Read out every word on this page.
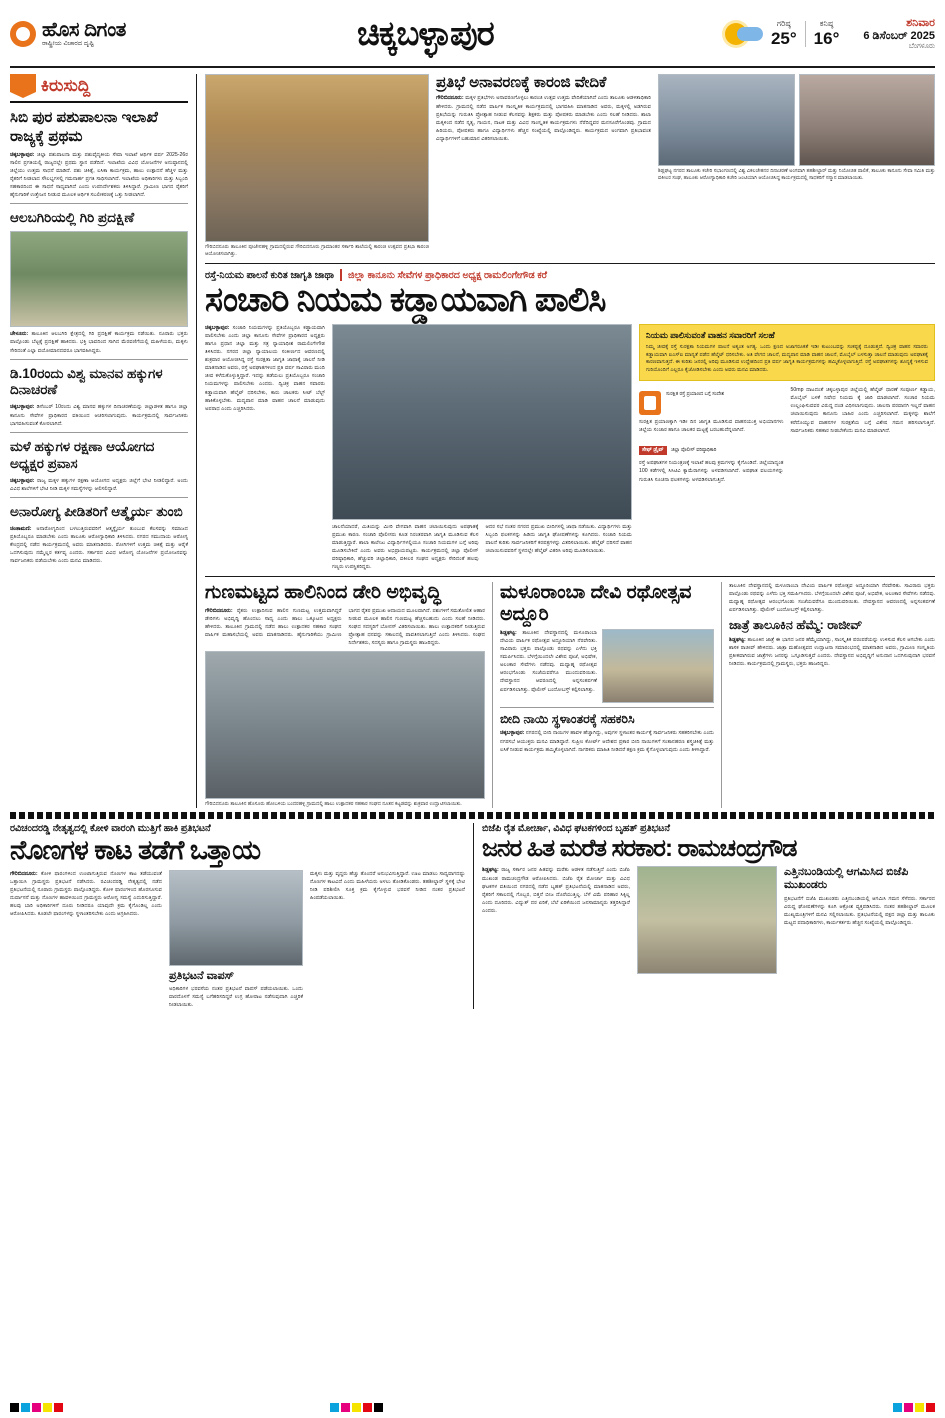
ಹೊಸ ದಿಗಂತ
ರಾಷ್ಟ್ರೀಯ ವಿಚಾರದ ದೃಷ್ಟಿ	ಚಿಕ್ಕಬಳ್ಳಾಪುರ	ಗರಿಷ್ಠ
25°
ಕನಿಷ್ಠ
16°
ಶನಿವಾರ
6 ಡಿಸೆಂಬರ್ 2025
ಬೆಂಗಳೂರು
ಕಿರುಸುದ್ದಿ
ಸಿಬಿ ಪುರ ಪಶುಪಾಲನಾ ಇಲಾಖೆ ರಾಜ್ಯಕ್ಕೆ ಪ್ರಥಮ
ಚಿಕ್ಕಬಳ್ಳಾಪುರ: ಜಿಲ್ಲಾ ಪಶುಪಾಲನಾ ಮತ್ತು ಪಶುವೈದ್ಯಕೀಯ ಸೇವಾ ಇಲಾಖೆ ಆರ್ಥಿಕ ವರ್ಷ 2025-26ರ ಸಾಲಿನ ಪ್ರಗತಿಯಲ್ಲಿ ರಾಜ್ಯದಲ್ಲೇ ಪ್ರಥಮ ಸ್ಥಾನ ಪಡೆದಿದೆ. ಇಲಾಖೆಯ ವಿವಿಧ ಯೋಜನೆಗಳ ಅನುಷ್ಠಾನದಲ್ಲಿ ಜಿಲ್ಲೆಯು ಉತ್ತಮ ಸಾಧನೆ ಮಾಡಿದೆ. ಪಶು ಚಿಕಿತ್ಸೆ, ಲಸಿಕಾ ಕಾರ್ಯಕ್ರಮ, ಹಾಲು ಉತ್ಪಾದನೆ ಹೆಚ್ಚಳ ಮತ್ತು ರೈತರಿಗೆ ನೀಡಲಾದ ಸೌಲಭ್ಯಗಳಲ್ಲಿ ಗಮನಾರ್ಹ ಪ್ರಗತಿ ಸಾಧಿಸಲಾಗಿದೆ. ಇಲಾಖೆಯ ಅಧಿಕಾರಿಗಳು ಮತ್ತು ಸಿಬ್ಬಂದಿ ಸಹಕಾರದಿಂದ ಈ ಸಾಧನೆ ಸಾಧ್ಯವಾಗಿದೆ ಎಂದು ಉಪನಿರ್ದೇಶಕರು ತಿಳಿಸಿದ್ದಾರೆ. ಗ್ರಾಮೀಣ ಭಾಗದ ರೈತರಿಗೆ ಹೈನುಗಾರಿಕೆ ಉತ್ತೇಜನ ನೀಡುವ ಮೂಲಕ ಆರ್ಥಿಕ ಸಬಲೀಕರಣಕ್ಕೆ ಒತ್ತು ನೀಡಲಾಗಿದೆ.
ಆಲಬಗಿರಿಯಲ್ಲಿ ಗಿರಿ ಪ್ರದಕ್ಷಿಣೆ
ಚೇಳೂರು: ತಾಲೂಕಿನ ಆಲಬಗಿರಿ ಕ್ಷೇತ್ರದಲ್ಲಿ ಗಿರಿ ಪ್ರದಕ್ಷಿಣೆ ಕಾರ್ಯಕ್ರಮ ನಡೆಯಿತು. ನೂರಾರು ಭಕ್ತರು ಪಾಲ್ಗೊಂಡು ಬೆಟ್ಟಕ್ಕೆ ಪ್ರದಕ್ಷಿಣೆ ಹಾಕಿದರು. ಭಕ್ತಿ ಭಾವದಿಂದ ಸಾಗಿದ ಮೆರವಣಿಗೆಯಲ್ಲಿ ಮಹಿಳೆಯರು, ಮಕ್ಕಳು ಸೇರಿದಂತೆ ಎಲ್ಲಾ ವಯೋಮಾನದವರೂ ಭಾಗವಹಿಸಿದ್ದರು.
ಡಿ.10ರಂದು ವಿಶ್ವ ಮಾನವ ಹಕ್ಕುಗಳ ದಿನಾಚರಣೆ
ಚಿಕ್ಕಬಳ್ಳಾಪುರ: ಡಿಸೆಂಬರ್ 10ರಂದು ವಿಶ್ವ ಮಾನವ ಹಕ್ಕುಗಳ ದಿನಾಚರಣೆಯನ್ನು ಜಿಲ್ಲಾಡಳಿತ ಹಾಗೂ ಜಿಲ್ಲಾ ಕಾನೂನು ಸೇವೆಗಳ ಪ್ರಾಧಿಕಾರದ ವತಿಯಿಂದ ಆಚರಿಸಲಾಗುವುದು. ಕಾರ್ಯಕ್ರಮದಲ್ಲಿ ಸಾರ್ವಜನಿಕರು ಭಾಗವಹಿಸುವಂತೆ ಕೋರಲಾಗಿದೆ.
ಮಳೆ ಹಕ್ಕುಗಳ ರಕ್ಷಣಾ ಆಯೋಗದ ಅಧ್ಯಕ್ಷರ ಪ್ರವಾಸ
ಚಿಕ್ಕಬಳ್ಳಾಪುರ: ರಾಜ್ಯ ಮಕ್ಕಳ ಹಕ್ಕುಗಳ ರಕ್ಷಣಾ ಆಯೋಗದ ಅಧ್ಯಕ್ಷರು ಜಿಲ್ಲೆಗೆ ಭೇಟಿ ನೀಡಲಿದ್ದಾರೆ. ಅಂದು ವಿವಿಧ ಶಾಲೆಗಳಿಗೆ ಭೇಟಿ ನೀಡಿ ಮಕ್ಕಳ ಸಮಸ್ಯೆಗಳನ್ನು ಆಲಿಸಲಿದ್ದಾರೆ.
ಅನಾರೋಗ್ಯ ಪೀಡಿತರಿಗೆ ಆತ್ಮೈರ್ಯ ತುಂಬಿ
ಚಿಂತಾಮಣಿ: ಅನಾರೋಗ್ಯದಿಂದ ಬಳಲುತ್ತಿರುವವರಿಗೆ ಆತ್ಮಸ್ಥೈರ್ಯ ತುಂಬುವ ಕೆಲಸವನ್ನು ಸಮಾಜದ ಪ್ರತಿಯೊಬ್ಬರೂ ಮಾಡಬೇಕು ಎಂದು ತಾಲೂಕು ಆರೋಗ್ಯಾಧಿಕಾರಿ ತಿಳಿಸಿದರು. ನಗರದ ಸಮುದಾಯ ಆರೋಗ್ಯ ಕೇಂದ್ರದಲ್ಲಿ ನಡೆದ ಕಾರ್ಯಕ್ರಮದಲ್ಲಿ ಅವರು ಮಾತನಾಡಿದರು. ರೋಗಿಗಳಿಗೆ ಉತ್ತಮ ಚಿಕಿತ್ಸೆ ಮತ್ತು ಆರೈಕೆ ಒದಗಿಸುವುದು ನಮ್ಮೆಲ್ಲರ ಕರ್ತವ್ಯ ಎಂದರು. ಸರ್ಕಾರದ ವಿವಿಧ ಆರೋಗ್ಯ ಯೋಜನೆಗಳ ಪ್ರಯೋಜನವನ್ನು ಸಾರ್ವಜನಿಕರು ಪಡೆಯಬೇಕು ಎಂದು ಮನವಿ ಮಾಡಿದರು.
ಗೌರಿಬಿದನೂರು ತಾಲೂಕಿನ ಪೂಜೇನಹಳ್ಳಿ ಗ್ರಾಮದಲ್ಲಿರುವ ಗೌರಿಬಿದನೂರು ಗ್ರಾಮಾಂತರ ಸರ್ಕಾರಿ ಶಾಲೆಯಲ್ಲಿ ಕಾರಂಜಿ ಉತ್ಸವದ ಪ್ರತಿಭಾ ಕಾರಂಜಿ ಆಯೋಜಿಸಲಾಗಿತ್ತು.
ಪ್ರತಿಭೆ ಅನಾವರಣಕ್ಕೆ ಕಾರಂಜಿ ವೇದಿಕೆ
ಗೌರಿಬಿದನೂರು: ಮಕ್ಕಳ ಪ್ರತಿಭೆಗಳು ಅನಾವರಣಗೊಳ್ಳಲು ಕಾರಂಜಿ ಉತ್ಸವ ಉತ್ತಮ ವೇದಿಕೆಯಾಗಿದೆ ಎಂದು ತಾಲೂಕು ಆಡಳಿತಾಧಿಕಾರಿ ಹೇಳಿದರು. ಗ್ರಾಮದಲ್ಲಿ ನಡೆದ ವಾರ್ಷಿಕ ಸಾಂಸ್ಕೃತಿಕ ಕಾರ್ಯಕ್ರಮದಲ್ಲಿ ಭಾಗವಹಿಸಿ ಮಾತನಾಡಿದ ಅವರು, ಮಕ್ಕಳಲ್ಲಿ ಅಡಗಿರುವ ಪ್ರತಿಭೆಯನ್ನು ಗುರುತಿಸಿ ಪ್ರೋತ್ಸಾಹ ನೀಡುವ ಕೆಲಸವನ್ನು ಶಿಕ್ಷಕರು ಮತ್ತು ಪೋಷಕರು ಮಾಡಬೇಕು ಎಂದು ಸಲಹೆ ನೀಡಿದರು. ಶಾಲಾ ಮಕ್ಕಳಿಂದ ನಡೆದ ನೃತ್ಯ, ಗಾಯನ, ನಾಟಕ ಮತ್ತು ವಿವಿಧ ಸಾಂಸ್ಕೃತಿಕ ಕಾರ್ಯಕ್ರಮಗಳು ನೆರೆದಿದ್ದವರ ಮನಸೂರೆಗೊಂಡವು. ಗ್ರಾಮದ ಹಿರಿಯರು, ಪೋಷಕರು ಹಾಗೂ ವಿದ್ಯಾರ್ಥಿಗಳು ಹೆಚ್ಚಿನ ಸಂಖ್ಯೆಯಲ್ಲಿ ಪಾಲ್ಗೊಂಡಿದ್ದರು. ಕಾರ್ಯಕ್ರಮದ ಅಂಗವಾಗಿ ಪ್ರತಿಭಾವಂತ ವಿದ್ಯಾರ್ಥಿಗಳಿಗೆ ಬಹುಮಾನ ವಿತರಿಸಲಾಯಿತು.
ಶಿಡ್ಲಘಟ್ಟ ನಗರದ ತಾಲೂಕು ಕಚೇರಿ ಸಭಾಂಗಣದಲ್ಲಿ ವಿಶ್ವ ವಿಕಲಚೇತನರ ದಿನಾಚರಣೆ ಅಂಗವಾಗಿ ತಹಶೀಲ್ದಾರ್ ಮತ್ತು ನಿಯೋಜಿತ ಪಾಲಿಕೆ, ತಾಲೂಕು ಕಾನೂನು ಸೇವಾ ಸಮಿತಿ ಮತ್ತು ವಕೀಲರ ಸಂಘ, ತಾಲೂಕು ಆರೋಗ್ಯಾಧಿಕಾರಿ ಕಚೇರಿ ಜಂಟಿಯಾಗಿ ಆಯೋಜಿಸಿದ್ದ ಕಾರ್ಯಕ್ರಮದಲ್ಲಿ ಸಾಧಕರಿಗೆ ಸನ್ಮಾನ ಮಾಡಲಾಯಿತು.
ರಸ್ತೆ-ನಿಯಮ ಪಾಲನೆ ಕುರಿತ ಜಾಗೃತಿ ಜಾಥಾ ಜಿಲ್ಲಾ ಕಾನೂನು ಸೇವೆಗಳ ಪ್ರಾಧಿಕಾರದ ಅಧ್ಯಕ್ಷ ರಾಮಲಿಂಗೇಗೌಡ ಕರೆ
ಸಂಚಾರಿ ನಿಯಮ ಕಡ್ಡಾಯವಾಗಿ ಪಾಲಿಸಿ
ಚಿಕ್ಕಬಳ್ಳಾಪುರ: ಸಂಚಾರಿ ನಿಯಮಗಳನ್ನು ಪ್ರತಿಯೊಬ್ಬರೂ ಕಡ್ಡಾಯವಾಗಿ ಪಾಲಿಸಬೇಕು ಎಂದು ಜಿಲ್ಲಾ ಕಾನೂನು ಸೇವೆಗಳ ಪ್ರಾಧಿಕಾರದ ಅಧ್ಯಕ್ಷರು ಹಾಗೂ ಪ್ರಧಾನ ಜಿಲ್ಲಾ ಮತ್ತು ಸತ್ರ ನ್ಯಾಯಾಧೀಶ ರಾಮಲಿಂಗೇಗೌಡ ತಿಳಿಸಿದರು. ನಗರದ ಜಿಲ್ಲಾ ನ್ಯಾಯಾಲಯ ಸಂಕೀರ್ಣದ ಆವರಣದಲ್ಲಿ ಶುಕ್ರವಾರ ಆಯೋಜಿಸಿದ್ದ ರಸ್ತೆ ಸುರಕ್ಷತಾ ಜಾಗೃತಿ ಜಾಥಾಕ್ಕೆ ಚಾಲನೆ ನೀಡಿ ಮಾತನಾಡಿದ ಅವರು, ರಸ್ತೆ ಅಪಘಾತಗಳಿಂದ ಪ್ರತಿ ವರ್ಷ ಸಾವಿರಾರು ಮಂದಿ ಜೀವ ಕಳೆದುಕೊಳ್ಳುತ್ತಿದ್ದಾರೆ. ಇದನ್ನು ತಡೆಯಲು ಪ್ರತಿಯೊಬ್ಬರೂ ಸಂಚಾರಿ ನಿಯಮಗಳನ್ನು ಪಾಲಿಸಬೇಕು ಎಂದರು. ದ್ವಿಚಕ್ರ ವಾಹನ ಸವಾರರು ಕಡ್ಡಾಯವಾಗಿ ಹೆಲ್ಮೆಟ್ ಧರಿಸಬೇಕು, ಕಾರು ಚಾಲಕರು ಸೀಟ್ ಬೆಲ್ಟ್ ಹಾಕಿಕೊಳ್ಳಬೇಕು. ಮದ್ಯಪಾನ ಮಾಡಿ ವಾಹನ ಚಾಲನೆ ಮಾಡುವುದು ಅಪರಾಧ ಎಂದು ಎಚ್ಚರಿಸಿದರು.
ಚಾಲನೆಯಾದರೆ, ಮಿತಿಯನ್ನು ಮೀರಿ ವೇಗವಾಗಿ ವಾಹನ ಚಲಾಯಿಸುವುದು ಅಪಘಾತಕ್ಕೆ ಪ್ರಮುಖ ಕಾರಣ. ಸಂಚಾರಿ ಪೊಲೀಸರು ಕೂಡ ನಿರಂತರವಾಗಿ ಜಾಗೃತಿ ಮೂಡಿಸುವ ಕೆಲಸ ಮಾಡುತ್ತಿದ್ದಾರೆ. ಶಾಲಾ ಕಾಲೇಜು ವಿದ್ಯಾರ್ಥಿಗಳಲ್ಲಿಯೂ ಸಂಚಾರಿ ನಿಯಮಗಳ ಬಗ್ಗೆ ಅರಿವು ಮೂಡಿಸಬೇಕಿದೆ ಎಂದು ಅವರು ಅಭಿಪ್ರಾಯಪಟ್ಟರು. ಕಾರ್ಯಕ್ರಮದಲ್ಲಿ ಜಿಲ್ಲಾ ಪೊಲೀಸ್ ವರಿಷ್ಠಾಧಿಕಾರಿ, ಹೆಚ್ಚುವರಿ ಜಿಲ್ಲಾಧಿಕಾರಿ, ವಕೀಲರ ಸಂಘದ ಅಧ್ಯಕ್ಷರು ಸೇರಿದಂತೆ ಹಲವು ಗಣ್ಯರು ಉಪಸ್ಥಿತರಿದ್ದರು.
ಆದರ ಸಭೆ ನಂತರ ನಗರದ ಪ್ರಮುಖ ಬೀದಿಗಳಲ್ಲಿ ಜಾಥಾ ನಡೆಯಿತು. ವಿದ್ಯಾರ್ಥಿಗಳು ಮತ್ತು ಸಿಬ್ಬಂದಿ ಫಲಕಗಳನ್ನು ಹಿಡಿದು ಜಾಗೃತಿ ಘೋಷಣೆಗಳನ್ನು ಕೂಗಿದರು. ಸಂಚಾರಿ ನಿಯಮ ಪಾಲನೆ ಕುರಿತು ಸಾರ್ವಜನಿಕರಿಗೆ ಕರಪತ್ರಗಳನ್ನು ವಿತರಿಸಲಾಯಿತು. ಹೆಲ್ಮೆಟ್ ಧರಿಸದೆ ವಾಹನ ಚಲಾಯಿಸುವವರಿಗೆ ಸ್ಥಳದಲ್ಲೇ ಹೆಲ್ಮೆಟ್ ವಿತರಿಸಿ ಅರಿವು ಮೂಡಿಸಲಾಯಿತು.
ನಿಯಮ ಪಾಲಿಸುವಂತೆ ವಾಹನ ಸವಾರರಿಗೆ ಸಲಹೆ
ನಿಮ್ಮ ಜೀವಕ್ಕೆ ರಸ್ತೆ ಸುರಕ್ಷತಾ ನಿಯಮಗಳ ಪಾಲನೆ ಅತ್ಯಂತ ಅಗತ್ಯ. ಒಂದು ಕ್ಷಣದ ಅಜಾಗರೂಕತೆ ಇಡೀ ಕುಟುಂಬವನ್ನು ಸಂಕಷ್ಟಕ್ಕೆ ದೂಡುತ್ತದೆ. ದ್ವಿಚಕ್ರ ವಾಹನ ಸವಾರರು ಕಡ್ಡಾಯವಾಗಿ ಐಎಸ್‌ಐ ಮಾನ್ಯತೆ ಪಡೆದ ಹೆಲ್ಮೆಟ್ ಧರಿಸಬೇಕು. ಅತಿ ವೇಗದ ಚಾಲನೆ, ಮದ್ಯಪಾನ ಮಾಡಿ ವಾಹನ ಚಾಲನೆ, ಮೊಬೈಲ್ ಬಳಸುತ್ತಾ ಚಾಲನೆ ಮಾಡುವುದು ಅಪಘಾತಕ್ಕೆ ಕಾರಣವಾಗುತ್ತದೆ. ಈ ಕುರಿತು ಜನರಲ್ಲಿ ಅರಿವು ಮೂಡಿಸುವ ಉದ್ದೇಶದಿಂದ ಪ್ರತಿ ವರ್ಷ ಜಾಗೃತಿ ಕಾರ್ಯಕ್ರಮಗಳನ್ನು ಹಮ್ಮಿಕೊಳ್ಳಲಾಗುತ್ತಿದೆ. ರಸ್ತೆ ಅಪಘಾತಗಳನ್ನು ಶೂನ್ಯಕ್ಕೆ ಇಳಿಸುವ ಗುರಿಯೊಂದಿಗೆ ಎಲ್ಲರೂ ಕೈಜೋಡಿಸಬೇಕು ಎಂದು ಅವರು ಮನವಿ ಮಾಡಿದರು.
ಸುರಕ್ಷಿತ ರಸ್ತೆ ಪ್ರಯಾಣದ ಬಗ್ಗೆ ಸಂದೇಶ
ಸುರಕ್ಷಿತ ಪ್ರಯಾಣಕ್ಕಾಗಿ ಇಡೀ ದಿನ ಜಾಗೃತಿ ಮೂಡಿಸುವ ವಾಹನಯುಕ್ತ ಅಭಿಯಾನಗಳು ಜಿಲ್ಲೆಯ ಸಂಚಾರ ಹಾಗೂ ಚಾಲಕರ ಮಟ್ಟಕ್ಕೆ ಬರಬಹುದೆನ್ನಲಾಗಿದೆ.
ಸೇಫ್ ಡ್ರೈವ್ ಜಿಲ್ಲಾ ಪೊಲೀಸ್ ವರಿಷ್ಠಾಧಿಕಾರಿ
ರಸ್ತೆ ಅಪಘಾತಗಳ ನಿಯಂತ್ರಣಕ್ಕೆ ಇಲಾಖೆ ಹಲವು ಕ್ರಮಗಳನ್ನು ಕೈಗೊಂಡಿದೆ. ಜಿಲ್ಲೆಯಾದ್ಯಂತ 100 ಕಡೆಗಳಲ್ಲಿ ಸಿಸಿಟಿವಿ ಕ್ಯಾಮೆರಾಗಳನ್ನು ಅಳವಡಿಸಲಾಗಿದೆ. ಅಪಘಾತ ವಲಯಗಳನ್ನು ಗುರುತಿಸಿ ಸೂಚನಾ ಫಲಕಗಳನ್ನು ಅಳವಡಿಸಲಾಗುತ್ತಿದೆ.
50mp ದಾಟದಂತೆ ಚಿಕ್ಕಬಳ್ಳಾಪುರ ಜಿಲ್ಲೆಯಲ್ಲಿ ಹೆಲ್ಮೆಟ್ ಧಾರಣೆ ಸಂಪೂರ್ಣ ಕಡ್ಡಾಯ, ಮೊಬೈಲ್ ಬಳಕೆ ನಿಷೇಧ ನಿಯಮ ಕ್ಕೆ ಜಾರಿ ಮಾಡಲಾಗಿದೆ. ಸಂಚಾರ ನಿಯಮ ಉಲ್ಲಂಘಿಸುವವರ ವಿರುದ್ಧ ದಂಡ ವಿಧಿಸಲಾಗುವುದು. ಚಾಲನಾ ಪರವಾನಗಿ ಇಲ್ಲದೆ ವಾಹನ ಚಲಾಯಿಸುವುದು ಕಾನೂನು ಬಾಹಿರ ಎಂದು ಎಚ್ಚರಿಸಲಾಗಿದೆ. ಮಕ್ಕಳನ್ನು ಶಾಲೆಗೆ ಕರೆದೊಯ್ಯುವ ವಾಹನಗಳ ಸುರಕ್ಷತೆಯ ಬಗ್ಗೆ ವಿಶೇಷ ಗಮನ ಹರಿಸಲಾಗುತ್ತಿದೆ. ಸಾರ್ವಜನಿಕರು ಸಹಕಾರ ನೀಡಬೇಕೆಂದು ಮನವಿ ಮಾಡಲಾಗಿದೆ.
ಗುಣಮಟ್ಟದ ಹಾಲಿನಿಂದ ಡೇರಿ ಅಭಿವೃದ್ಧಿ
ಗೌರಿಬಿದನೂರು: ರೈತರು ಉತ್ಪಾದಿಸುವ ಹಾಲಿನ ಗುಣಮಟ್ಟ ಉತ್ತಮವಾಗಿದ್ದರೆ ಡೇರಿಗಳು ಅಭಿವೃದ್ಧಿ ಹೊಂದಲು ಸಾಧ್ಯ ಎಂದು ಹಾಲು ಒಕ್ಕೂಟದ ಅಧ್ಯಕ್ಷರು ಹೇಳಿದರು. ತಾಲೂಕಿನ ಗ್ರಾಮದಲ್ಲಿ ನಡೆದ ಹಾಲು ಉತ್ಪಾದಕರ ಸಹಕಾರ ಸಂಘದ ವಾರ್ಷಿಕ ಮಹಾಸಭೆಯಲ್ಲಿ ಅವರು ಮಾತನಾಡಿದರು. ಹೈನುಗಾರಿಕೆಯು ಗ್ರಾಮೀಣ ಭಾಗದ ರೈತರ ಪ್ರಮುಖ ಆದಾಯದ ಮೂಲವಾಗಿದೆ. ಪಶುಗಳಿಗೆ ಸಮತೋಲಿತ ಆಹಾರ ನೀಡುವ ಮೂಲಕ ಹಾಲಿನ ಗುಣಮಟ್ಟ ಹೆಚ್ಚಿಸಬಹುದು ಎಂದು ಸಲಹೆ ನೀಡಿದರು. ಸಂಘದ ಸದಸ್ಯರಿಗೆ ಬೋನಸ್ ವಿತರಿಸಲಾಯಿತು. ಹಾಲು ಉತ್ಪಾದಕರಿಗೆ ನೀಡುತ್ತಿರುವ ಪ್ರೋತ್ಸಾಹ ಧನವನ್ನು ಸಕಾಲದಲ್ಲಿ ಪಾವತಿಸಲಾಗುತ್ತಿದೆ ಎಂದು ತಿಳಿಸಿದರು. ಸಂಘದ ನಿರ್ದೇಶಕರು, ಸದಸ್ಯರು ಹಾಗೂ ಗ್ರಾಮಸ್ಥರು ಹಾಜರಿದ್ದರು.
ಗೌರಿಬಿದನೂರು ತಾಲೂಕಿನ ಹೊಸೂರು ಹೋಬಳಿಯ ಬಂದರಹಳ್ಳಿ ಗ್ರಾಮದಲ್ಲಿ ಹಾಲು ಉತ್ಪಾದಕರ ಸಹಕಾರ ಸಂಘದ ನೂತನ ಕಟ್ಟಡವನ್ನು ಶುಕ್ರವಾರ ಉದ್ಘಾಟಿಸಲಾಯಿತು.
ಮಳೂರಾಂಬಾ ದೇವಿ ರಥೋತ್ಸವ ಅದ್ದೂರಿ
ಶಿಡ್ಲಘಟ್ಟ: ತಾಲೂಕಿನ ದೇವಸ್ಥಾನದಲ್ಲಿ ಮಳೂರಾಂಬಾ ದೇವಿಯ ವಾರ್ಷಿಕ ರಥೋತ್ಸವ ಅದ್ದೂರಿಯಾಗಿ ನೆರವೇರಿತು. ಸಾವಿರಾರು ಭಕ್ತರು ಪಾಲ್ಗೊಂಡು ರಥವನ್ನು ಎಳೆದು ಭಕ್ತಿ ಸಮರ್ಪಿಸಿದರು. ಬೆಳಗ್ಗೆಯಿಂದಲೇ ವಿಶೇಷ ಪೂಜೆ, ಅಭಿಷೇಕ, ಅಲಂಕಾರ ಸೇವೆಗಳು ನಡೆದವು. ಮಧ್ಯಾಹ್ನ ರಥೋತ್ಸವ ಆರಂಭಗೊಂಡು ಸಂಜೆಯವರೆಗೂ ಮುಂದುವರಿಯಿತು. ದೇವಸ್ಥಾನದ ಆವರಣದಲ್ಲಿ ಅನ್ನಸಂತರ್ಪಣೆ ಏರ್ಪಡಿಸಲಾಗಿತ್ತು. ಪೊಲೀಸ್ ಬಂದೋಬಸ್ತ್ ಕಲ್ಪಿಸಲಾಗಿತ್ತು.
ಬೀದಿ ನಾಯಿ ಸ್ಥಳಾಂತರಕ್ಕೆ ಸಹಕರಿಸಿ
ಚಿಕ್ಕಬಳ್ಳಾಪುರ: ನಗರದಲ್ಲಿ ಬೀದಿ ನಾಯಿಗಳ ಹಾವಳಿ ಹೆಚ್ಚಾಗಿದ್ದು, ಅವುಗಳ ಸ್ಥಳಾಂತರ ಕಾರ್ಯಕ್ಕೆ ಸಾರ್ವಜನಿಕರು ಸಹಕರಿಸಬೇಕು ಎಂದು ನಗರಸಭೆ ಆಯುಕ್ತರು ಮನವಿ ಮಾಡಿದ್ದಾರೆ. ಸುಪ್ರೀಂ ಕೋರ್ಟ್ ಆದೇಶದ ಪ್ರಕಾರ ಬೀದಿ ನಾಯಿಗಳಿಗೆ ಸಂತಾನಹರಣ ಶಸ್ತ್ರಚಿಕಿತ್ಸೆ ಮತ್ತು ಲಸಿಕೆ ನೀಡುವ ಕಾರ್ಯಕ್ರಮ ಹಮ್ಮಿಕೊಳ್ಳಲಾಗಿದೆ. ನಾಗರಿಕರು ಮಾಹಿತಿ ನೀಡಿದರೆ ತಕ್ಷಣ ಕ್ರಮ ಕೈಗೊಳ್ಳಲಾಗುವುದು ಎಂದು ತಿಳಿಸಿದ್ದಾರೆ.
ತಾಲೂಕಿನ ದೇವಸ್ಥಾನದಲ್ಲಿ ಮಳೂರಾಂಬಾ ದೇವಿಯ ವಾರ್ಷಿಕ ರಥೋತ್ಸವ ಅದ್ದೂರಿಯಾಗಿ ನೆರವೇರಿತು. ಸಾವಿರಾರು ಭಕ್ತರು ಪಾಲ್ಗೊಂಡು ರಥವನ್ನು ಎಳೆದು ಭಕ್ತಿ ಸಮರ್ಪಿಸಿದರು. ಬೆಳಗ್ಗೆಯಿಂದಲೇ ವಿಶೇಷ ಪೂಜೆ, ಅಭಿಷೇಕ, ಅಲಂಕಾರ ಸೇವೆಗಳು ನಡೆದವು. ಮಧ್ಯಾಹ್ನ ರಥೋತ್ಸವ ಆರಂಭಗೊಂಡು ಸಂಜೆಯವರೆಗೂ ಮುಂದುವರಿಯಿತು. ದೇವಸ್ಥಾನದ ಆವರಣದಲ್ಲಿ ಅನ್ನಸಂತರ್ಪಣೆ ಏರ್ಪಡಿಸಲಾಗಿತ್ತು. ಪೊಲೀಸ್ ಬಂದೋಬಸ್ತ್ ಕಲ್ಪಿಸಲಾಗಿತ್ತು.
ಜಾತ್ರೆ ತಾಲೂಕಿನ ಹೆಮ್ಮೆ: ರಾಜೀವ್
ಶಿಡ್ಲಘಟ್ಟ: ತಾಲೂಕಿನ ಜಾತ್ರೆ ಈ ಭಾಗದ ಜನರ ಹೆಮ್ಮೆಯಾಗಿದ್ದು, ಸಾಂಸ್ಕೃತಿಕ ಪರಂಪರೆಯನ್ನು ಉಳಿಸುವ ಕೆಲಸ ಆಗಬೇಕು ಎಂದು ಶಾಸಕ ರಾಜೀವ್ ಹೇಳಿದರು. ಜಾತ್ರಾ ಮಹೋತ್ಸವದ ಉದ್ಘಾಟನಾ ಸಮಾರಂಭದಲ್ಲಿ ಮಾತನಾಡಿದ ಅವರು, ಗ್ರಾಮೀಣ ಸಂಸ್ಕೃತಿಯ ಪ್ರತೀಕವಾಗಿರುವ ಜಾತ್ರೆಗಳು ಜನರನ್ನು ಒಗ್ಗೂಡಿಸುತ್ತವೆ ಎಂದರು. ದೇವಸ್ಥಾನದ ಅಭಿವೃದ್ಧಿಗೆ ಅನುದಾನ ಒದಗಿಸುವುದಾಗಿ ಭರವಸೆ ನೀಡಿದರು. ಕಾರ್ಯಕ್ರಮದಲ್ಲಿ ಗ್ರಾಮಸ್ಥರು, ಭಕ್ತರು ಹಾಜರಿದ್ದರು.
ರವಿಚಂದರಡ್ಡಿ ನೇತೃತ್ವದಲ್ಲಿ ಕೋಳಿ ವಾರಂಗಿ ಮುತ್ತಿಗೆ ಹಾಕಿ ಪ್ರತಿಭಟನೆ
ನೊಣಗಳ ಕಾಟ ತಡೆಗೆ ಒತ್ತಾಯ
ಗೌರಿಬಿದನೂರು: ಕೋಳಿ ಫಾರಂಗಳಿಂದ ಉಂಟಾಗುತ್ತಿರುವ ನೊಣಗಳ ಕಾಟ ತಡೆಯುವಂತೆ ಒತ್ತಾಯಿಸಿ ಗ್ರಾಮಸ್ಥರು ಪ್ರತಿಭಟನೆ ನಡೆಸಿದರು. ರವಿಚಂದರಡ್ಡಿ ನೇತೃತ್ವದಲ್ಲಿ ನಡೆದ ಪ್ರತಿಭಟನೆಯಲ್ಲಿ ನೂರಾರು ಗ್ರಾಮಸ್ಥರು ಪಾಲ್ಗೊಂಡಿದ್ದರು. ಕೋಳಿ ಫಾರಂಗಳಿಂದ ಹೊರಸೂಸುವ ದುರ್ವಾಸನೆ ಮತ್ತು ನೊಣಗಳ ಹಾವಳಿಯಿಂದ ಗ್ರಾಮಸ್ಥರು ಆರೋಗ್ಯ ಸಮಸ್ಯೆ ಎದುರಿಸುತ್ತಿದ್ದಾರೆ. ಹಲವು ಬಾರಿ ಅಧಿಕಾರಿಗಳಿಗೆ ದೂರು ನೀಡಿದರೂ ಯಾವುದೇ ಕ್ರಮ ಕೈಗೊಂಡಿಲ್ಲ ಎಂದು ಆರೋಪಿಸಿದರು. ಕೂಡಲೇ ಫಾರಂಗಳನ್ನು ಸ್ಥಳಾಂತರಿಸಬೇಕು ಎಂದು ಆಗ್ರಹಿಸಿದರು.
ಪ್ರತಿಭಟನೆ ವಾಪಸ್
ಅಧಿಕಾರಿಗಳ ಭರವಸೆಯ ನಂತರ ಪ್ರತಿಭಟನೆ ವಾಪಸ್ ಪಡೆಯಲಾಯಿತು. ಒಂದು ವಾರದೊಳಗೆ ಸಮಸ್ಯೆ ಬಗೆಹರಿಸದಿದ್ದರೆ ಉಗ್ರ ಹೋರಾಟ ನಡೆಸುವುದಾಗಿ ಎಚ್ಚರಿಕೆ ನೀಡಲಾಯಿತು.
ಮಕ್ಕಳು ಮತ್ತು ವೃದ್ಧರು ಹೆಚ್ಚು ತೊಂದರೆ ಅನುಭವಿಸುತ್ತಿದ್ದಾರೆ. ಊಟ ಮಾಡಲು ಸಾಧ್ಯವಾಗದಷ್ಟು ನೊಣಗಳ ಕಾಟವಿದೆ ಎಂದು ಮಹಿಳೆಯರು ಅಳಲು ತೋಡಿಕೊಂಡರು. ತಹಶೀಲ್ದಾರ್ ಸ್ಥಳಕ್ಕೆ ಭೇಟಿ ನೀಡಿ ಪರಿಶೀಲಿಸಿ ಸೂಕ್ತ ಕ್ರಮ ಕೈಗೊಳ್ಳುವ ಭರವಸೆ ನೀಡಿದ ನಂತರ ಪ್ರತಿಭಟನೆ ಹಿಂಪಡೆಯಲಾಯಿತು.
ಬಿಜೆಪಿ ರೈತ ಮೋರ್ಚಾ, ವಿವಿಧ ಘಟಕಗಳಿಂದ ಬೃಹತ್ ಪ್ರತಿಭಟನೆ
ಜನರ ಹಿತ ಮರೆತ ಸರಕಾರ: ರಾಮಚಂದ್ರಗೌಡ
ಶಿಡ್ಲಘಟ್ಟ: ರಾಜ್ಯ ಸರ್ಕಾರ ಜನರ ಹಿತವನ್ನು ಮರೆತು ಆಡಳಿತ ನಡೆಸುತ್ತಿದೆ ಎಂದು ಬಿಜೆಪಿ ಮುಖಂಡ ರಾಮಚಂದ್ರಗೌಡ ಆರೋಪಿಸಿದರು. ಬಿಜೆಪಿ ರೈತ ಮೋರ್ಚಾ ಮತ್ತು ವಿವಿಧ ಘಟಕಗಳ ವತಿಯಿಂದ ನಗರದಲ್ಲಿ ನಡೆದ ಬೃಹತ್ ಪ್ರತಿಭಟನೆಯಲ್ಲಿ ಮಾತನಾಡಿದ ಅವರು, ರೈತರಿಗೆ ಸಕಾಲದಲ್ಲಿ ಗೊಬ್ಬರ, ಬಿತ್ತನೆ ಬೀಜ ದೊರೆಯುತ್ತಿಲ್ಲ. ಬೆಳೆ ವಿಮೆ ಪರಿಹಾರ ಸಿಕ್ಕಿಲ್ಲ ಎಂದು ದೂರಿದರು. ವಿದ್ಯುತ್ ದರ ಏರಿಕೆ, ಬೆಲೆ ಏರಿಕೆಯಿಂದ ಜನಸಾಮಾನ್ಯರು ತತ್ತರಿಸಿದ್ದಾರೆ ಎಂದರು.
ಎತ್ತಿನಬಂಡಿಯಲ್ಲಿ ಆಗಮಿಸಿದ ಬಿಜೆಪಿ ಮುಖಂಡರು
ಪ್ರತಿಭಟನೆಗೆ ಬಿಜೆಪಿ ಮುಖಂಡರು ಎತ್ತಿನಬಂಡಿಯಲ್ಲಿ ಆಗಮಿಸಿ ಗಮನ ಸೆಳೆದರು. ಸರ್ಕಾರದ ವಿರುದ್ಧ ಘೋಷಣೆಗಳನ್ನು ಕೂಗಿ ಆಕ್ರೋಶ ವ್ಯಕ್ತಪಡಿಸಿದರು. ನಂತರ ತಹಶೀಲ್ದಾರ್ ಮೂಲಕ ಮುಖ್ಯಮಂತ್ರಿಗಳಿಗೆ ಮನವಿ ಸಲ್ಲಿಸಲಾಯಿತು. ಪ್ರತಿಭಟನೆಯಲ್ಲಿ ಪಕ್ಷದ ಜಿಲ್ಲಾ ಮತ್ತು ತಾಲೂಕು ಮಟ್ಟದ ಪದಾಧಿಕಾರಿಗಳು, ಕಾರ್ಯಕರ್ತರು ಹೆಚ್ಚಿನ ಸಂಖ್ಯೆಯಲ್ಲಿ ಪಾಲ್ಗೊಂಡಿದ್ದರು.
